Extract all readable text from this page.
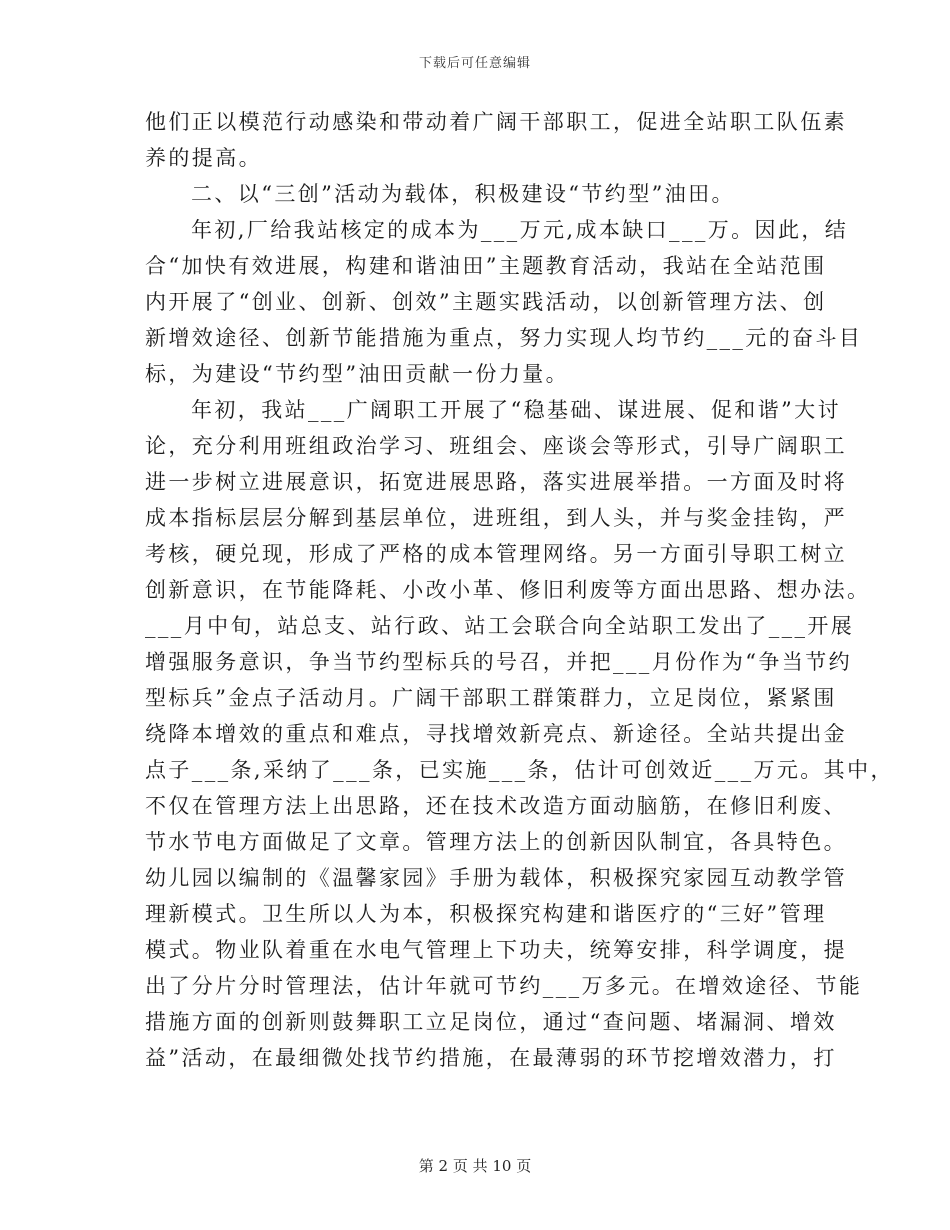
下载后可任意编辑
他们正以模范行动感染和带动着广阔干部职工，促进全站职工队伍素
养的提高。
二、以“三创”活动为载体，积极建设“节约型”油田。
年初,厂给我站核定的成本为___万元,成本缺口___万。因此，结
合“加快有效进展，构建和谐油田”主题教育活动，我站在全站范围
内开展了“创业、创新、创效”主题实践活动，以创新管理方法、创
新增效途径、创新节能措施为重点，努力实现人均节约___元的奋斗目
标，为建设“节约型”油田贡献一份力量。
年初，我站___广阔职工开展了“稳基础、谋进展、促和谐”大讨
论，充分利用班组政治学习、班组会、座谈会等形式，引导广阔职工
进一步树立进展意识，拓宽进展思路，落实进展举措。一方面及时将
成本指标层层分解到基层单位，进班组，到人头，并与奖金挂钩，严
考核，硬兑现，形成了严格的成本管理网络。另一方面引导职工树立
创新意识，在节能降耗、小改小革、修旧利废等方面出思路、想办法。
___月中旬，站总支、站行政、站工会联合向全站职工发出了___开展
增强服务意识，争当节约型标兵的号召，并把___月份作为“争当节约
型标兵”金点子活动月。广阔干部职工群策群力，立足岗位，紧紧围
绕降本增效的重点和难点，寻找增效新亮点、新途径。全站共提出金
点子___条,采纳了___条，已实施___条，估计可创效近___万元。其中，
不仅在管理方法上出思路，还在技术改造方面动脑筋，在修旧利废、
节水节电方面做足了文章。管理方法上的创新因队制宜，各具特色。
幼儿园以编制的《温馨家园》手册为载体，积极探究家园互动教学管
理新模式。卫生所以人为本，积极探究构建和谐医疗的“三好”管理
模式。物业队着重在水电气管理上下功夫，统筹安排，科学调度，提
出了分片分时管理法，估计年就可节约___万多元。在增效途径、节能
措施方面的创新则鼓舞职工立足岗位，通过“查问题、堵漏洞、增效
益”活动，在最细微处找节约措施，在最薄弱的环节挖增效潜力，打
第 2 页 共 10 页
